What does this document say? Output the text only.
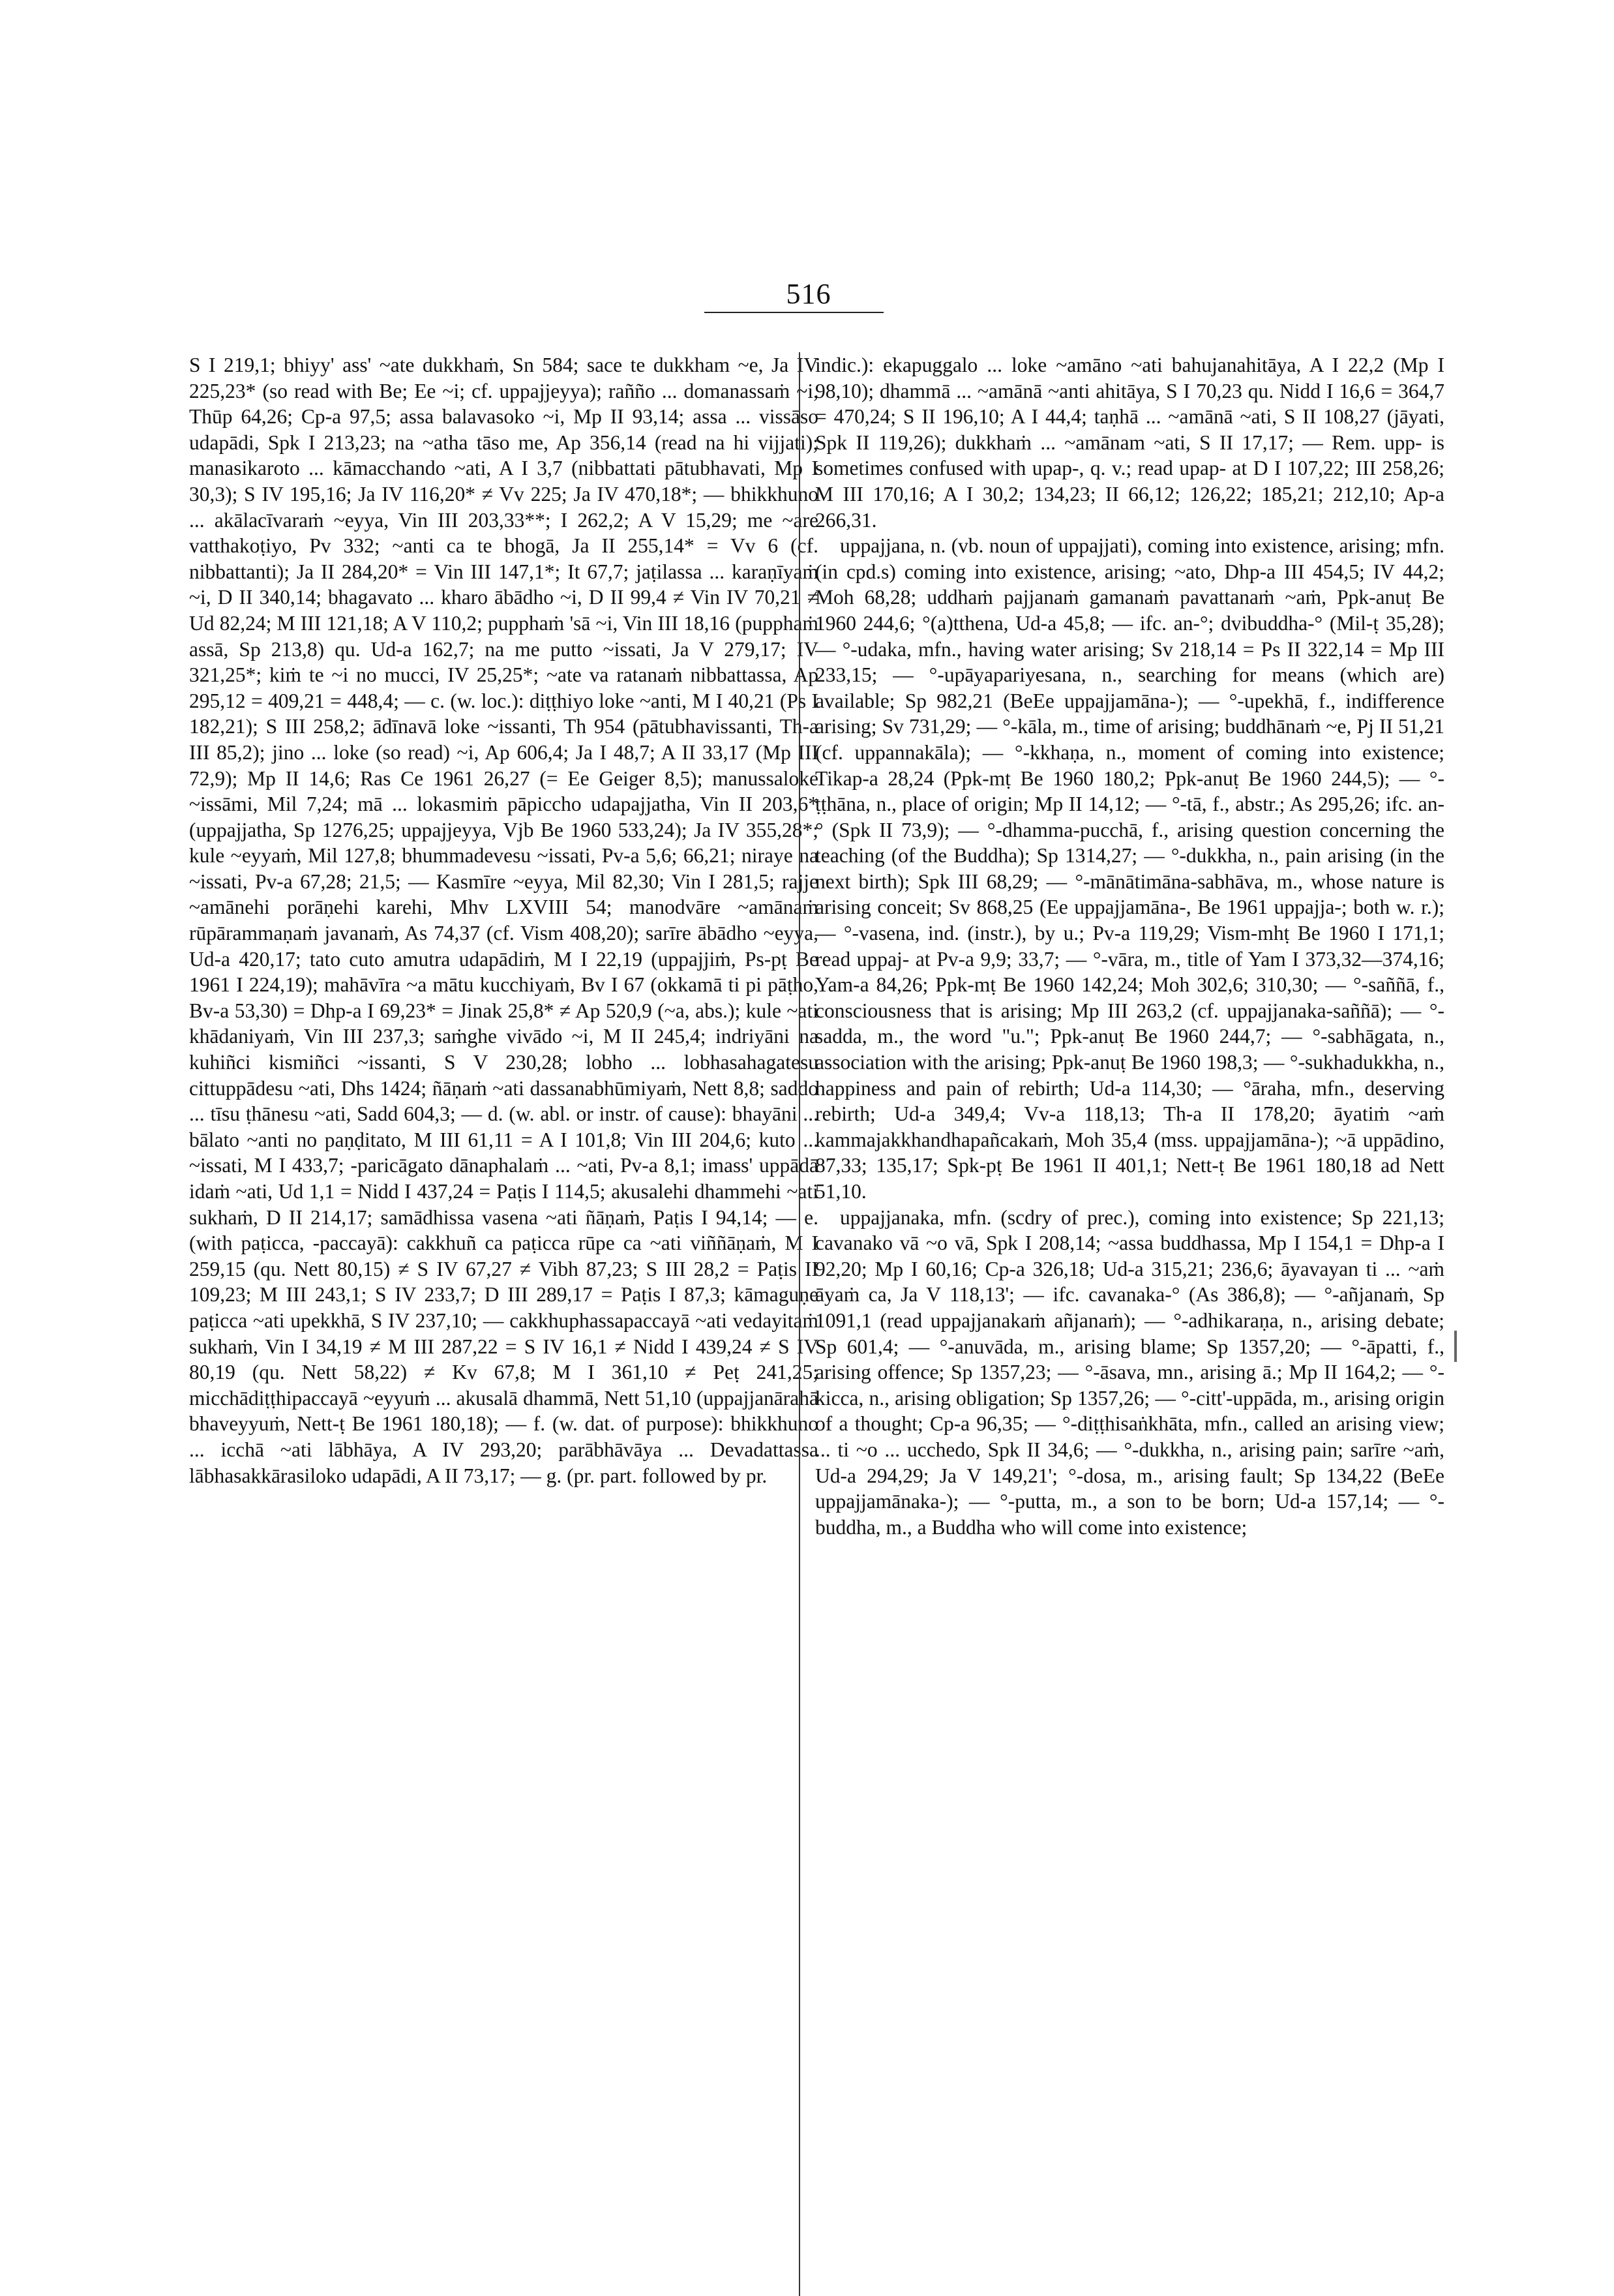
516

S I 219,1; bhiyy' ass' ~ate dukkhaṁ, Sn 584; sace te dukkham ~e, Ja IV 225,23* (so read with Be; Ee ~i; cf. uppajjeyya); rañño ... domanassaṁ ~i, Thūp 64,26; Cp-a 97,5; assa balavasoko ~i, Mp II 93,14; assa ... vissāso udapādi, Spk I 213,23; na ~atha tāso me, Ap 356,14 (read na hi vijjati); manasikaroto ... kāmacchando ~ati, A I 3,7 (nibbattati pātubhavati, Mp I 30,3); S IV 195,16; Ja IV 116,20* ≠ Vv 225; Ja IV 470,18*; — bhikkhuno ... akālacīvaraṁ ~eyya, Vin III 203,33**; I 262,2; A V 15,29; me ~are vatthakoṭiyo, Pv 332; ~anti ca te bhogā, Ja II 255,14* = Vv 6 (cf. nibbattanti); Ja II 284,20* = Vin III 147,1*; It 67,7; jaṭilassa ... karaṇīyaṁ ~i, D II 340,14; bhagavato ... kharo ābādho ~i, D II 99,4 ≠ Vin IV 70,21 ≠ Ud 82,24; M III 121,18; A V 110,2; pupphaṁ 'sā ~i, Vin III 18,16 (pupphaṁ assā, Sp 213,8) qu. Ud-a 162,7; na me putto ~issati, Ja V 279,17; IV 321,25*; kiṁ te ~i no mucci, IV 25,25*; ~ate va ratanaṁ nibbattassa, Ap 295,12 = 409,21 = 448,4; — c. (w. loc.): diṭṭhiyo loke ~anti, M I 40,21 (Ps I 182,21); S III 258,2; ādīnavā loke ~issanti, Th 954 (pātubhavissanti, Th-a III 85,2); jino ... loke (so read) ~i, Ap 606,4; Ja I 48,7; A II 33,17 (Mp III 72,9); Mp II 14,6; Ras Ce 1961 26,27 (= Ee Geiger 8,5); manussaloke ~issāmi, Mil 7,24; mā ... lokasmiṁ pāpiccho udapajjatha, Vin II 203,6* (uppajjatha, Sp 1276,25; uppajjeyya, Vjb Be 1960 533,24); Ja IV 355,28*; kule ~eyyaṁ, Mil 127,8; bhummadevesu ~issati, Pv-a 5,6; 66,21; niraye na ~issati, Pv-a 67,28; 21,5; — Kasmīre ~eyya, Mil 82,30; Vin I 281,5; rajje ~amānehi porāṇehi karehi, Mhv LXVIII 54; manodvāre ~amānaṁ rūpārammaṇaṁ javanaṁ, As 74,37 (cf. Vism 408,20); sarīre ābādho ~eyya, Ud-a 420,17; tato cuto amutra udapādiṁ, M I 22,19 (uppajjiṁ, Ps-pṭ Be 1961 I 224,19); mahāvīra ~a mātu kucchiyaṁ, Bv I 67 (okkamā ti pi pāṭho, Bv-a 53,30) = Dhp-a I 69,23* = Jinak 25,8* ≠ Ap 520,9 (~a, abs.); kule ~ati khādaniyaṁ, Vin III 237,3; saṁghe vivādo ~i, M II 245,4; indriyāni na kuhiñci kismiñci ~issanti, S V 230,28; lobho ... lobhasahagatesu cittuppādesu ~ati, Dhs 1424; ñāṇaṁ ~ati dassanabhūmiyaṁ, Nett 8,8; saddo ... tīsu ṭhānesu ~ati, Sadd 604,3; — d. (w. abl. or instr. of cause): bhayāni ... bālato ~anti no paṇḍitato, M III 61,11 = A I 101,8; Vin III 204,6; kuto ... ~issati, M I 433,7; -paricāgato dānaphalaṁ ... ~ati, Pv-a 8,1; imass' uppādā idaṁ ~ati, Ud 1,1 = Nidd I 437,24 = Paṭis I 114,5; akusalehi dhammehi ~ati sukhaṁ, D II 214,17; samādhissa vasena ~ati ñāṇaṁ, Paṭis I 94,14; — e. (with paṭicca, -paccayā): cakkhuñ ca paṭicca rūpe ca ~ati viññāṇaṁ, M I 259,15 (qu. Nett 80,15) ≠ S IV 67,27 ≠ Vibh 87,23; S III 28,2 = Paṭis II 109,23; M III 243,1; S IV 233,7; D III 289,17 = Paṭis I 87,3; kāmaguṇe paṭicca ~ati upekkhā, S IV 237,10; — cakkhuphassapaccayā ~ati vedayitaṁ sukhaṁ, Vin I 34,19 ≠ M III 287,22 = S IV 16,1 ≠ Nidd I 439,24 ≠ S IV 80,19 (qu. Nett 58,22) ≠ Kv 67,8; M I 361,10 ≠ Peṭ 241,25; micchādiṭṭhipaccayā ~eyyuṁ ... akusalā dhammā, Nett 51,10 (uppajjanārahā bhaveyyuṁ, Nett-ṭ Be 1961 180,18); — f. (w. dat. of purpose): bhikkhuno ... icchā ~ati lābhāya, A IV 293,20; parābhāvāya ... Devadattassa lābhasakkārasiloko udapādi, A II 73,17; — g. (pr. part. followed by pr.

indic.): ekapuggalo ... loke ~amāno ~ati bahujanahitāya, A I 22,2 (Mp I 98,10); dhammā ... ~amānā ~anti ahitāya, S I 70,23 qu. Nidd I 16,6 = 364,7 = 470,24; S II 196,10; A I 44,4; taṇhā ... ~amānā ~ati, S II 108,27 (jāyati, Spk II 119,26); dukkhaṁ ... ~amānam ~ati, S II 17,17; — Rem. upp- is sometimes confused with upap-, q. v.; read upap- at D I 107,22; III 258,26; M III 170,16; A I 30,2; 134,23; II 66,12; 126,22; 185,21; 212,10; Ap-a 266,31.

uppajjana, n. (vb. noun of uppajjati), coming into existence, arising; mfn. (in cpd.s) coming into existence, arising; ~ato, Dhp-a III 454,5; IV 44,2; Moh 68,28; uddhaṁ pajjanaṁ gamanaṁ pavattanaṁ ~aṁ, Ppk-anuṭ Be 1960 244,6; °(a)tthena, Ud-a 45,8; — ifc. an-°; dvibuddha-° (Mil-ṭ 35,28); — °-udaka, mfn., having water arising; Sv 218,14 = Ps II 322,14 = Mp III 233,15; — °-upāyapariyesana, n., searching for means (which are) available; Sp 982,21 (BeEe uppajjamāna-); — °-upekhā, f., indifference arising; Sv 731,29; — °-kāla, m., time of arising; buddhānaṁ ~e, Pj II 51,21 (cf. uppannakāla); — °-kkhaṇa, n., moment of coming into existence; Tikap-a 28,24 (Ppk-mṭ Be 1960 180,2; Ppk-anuṭ Be 1960 244,5); — °-ṭṭhāna, n., place of origin; Mp II 14,12; — °-tā, f., abstr.; As 295,26; ifc. an-° (Spk II 73,9); — °-dhamma-pucchā, f., arising question concerning the teaching (of the Buddha); Sp 1314,27; — °-dukkha, n., pain arising (in the next birth); Spk III 68,29; — °-mānātimāna-sabhāva, m., whose nature is arising conceit; Sv 868,25 (Ee uppajjamāna-, Be 1961 uppajja-; both w. r.); — °-vasena, ind. (instr.), by u.; Pv-a 119,29; Vism-mhṭ Be 1960 I 171,1; read uppaj- at Pv-a 9,9; 33,7; — °-vāra, m., title of Yam I 373,32—374,16; Yam-a 84,26; Ppk-mṭ Be 1960 142,24; Moh 302,6; 310,30; — °-saññā, f., consciousness that is arising; Mp III 263,2 (cf. uppajjanaka-saññā); — °-sadda, m., the word "u."; Ppk-anuṭ Be 1960 244,7; — °-sabhāgata, n., association with the arising; Ppk-anuṭ Be 1960 198,3; — °-sukhadukkha, n., happiness and pain of rebirth; Ud-a 114,30; — °āraha, mfn., deserving rebirth; Ud-a 349,4; Vv-a 118,13; Th-a II 178,20; āyatiṁ ~aṁ kammajakkhandhapañcakaṁ, Moh 35,4 (mss. uppajjamāna-); ~ā uppādino, 87,33; 135,17; Spk-pṭ Be 1961 II 401,1; Nett-ṭ Be 1961 180,18 ad Nett 51,10.

uppajjanaka, mfn. (scdry of prec.), coming into existence; Sp 221,13; cavanako vā ~o vā, Spk I 208,14; ~assa buddhassa, Mp I 154,1 = Dhp-a I 92,20; Mp I 60,16; Cp-a 326,18; Ud-a 315,21; 236,6; āyavayan ti ... ~aṁ āyaṁ ca, Ja V 118,13'; — ifc. cavanaka-° (As 386,8); — °-añjanaṁ, Sp 1091,1 (read uppajjanakaṁ añjanaṁ); — °-adhikaraṇa, n., arising debate; Sp 601,4; — °-anuvāda, m., arising blame; Sp 1357,20; — °-āpatti, f., arising offence; Sp 1357,23; — °-āsava, mn., arising ā.; Mp II 164,2; — °-kicca, n., arising obligation; Sp 1357,26; — °-citt'-uppāda, m., arising origin of a thought; Cp-a 96,35; — °-diṭṭhisaṅkhāta, mfn., called an arising view; ... ti ~o ... ucchedo, Spk II 34,6; — °-dukkha, n., arising pain; sarīre ~aṁ, Ud-a 294,29; Ja V 149,21'; °-dosa, m., arising fault; Sp 134,22 (BeEe uppajjamānaka-); — °-putta, m., a son to be born; Ud-a 157,14; — °-buddha, m., a Buddha who will come into existence;
